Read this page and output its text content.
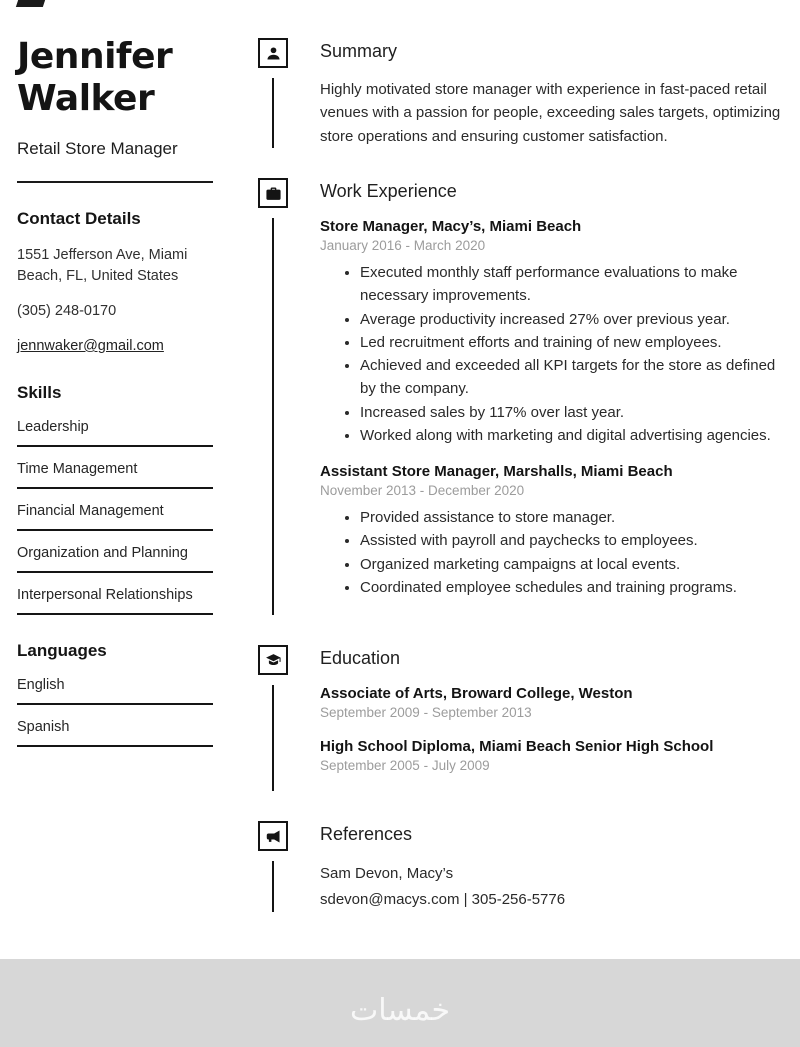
Jennifer
Walker
Retail Store Manager
Contact Details

1551 Jefferson Ave, Miami Beach, FL, United States

(305) 248-0170

jennwaker@gmail.com
Skills
Leadership
Time Management
Financial Management
Organization and Planning
Interpersonal Relationships
Languages
English
Spanish
Summary

Highly motivated store manager with experience in fast-paced retail venues with a passion for people, exceeding sales targets, optimizing store operations and ensuring customer satisfaction.

Work Experience
Store Manager, Macy’s, Miami Beach
January 2016 - March 2020
• Executed monthly staff performance evaluations to make necessary improvements.
• Average productivity increased 27% over previous year.
• Led recruitment efforts and training of new employees.
• Achieved and exceeded all KPI targets for the store as defined by the company.
• Increased sales by 117% over last year.
• Worked along with marketing and digital advertising agencies.
Assistant Store Manager, Marshalls, Miami Beach
November 2013 - December 2020
• Provided assistance to store manager.
• Assisted with payroll and paychecks to employees.
• Organized marketing campaigns at local events.
• Coordinated employee schedules and training programs.
Education
Associate of Arts, Broward College, Weston
September 2009 - September 2013
High School Diploma, Miami Beach Senior High School
September 2005 - July 2009
References

Sam Devon, Macy’s

sdevon@macys.com | 305-256-5776

خمسات
